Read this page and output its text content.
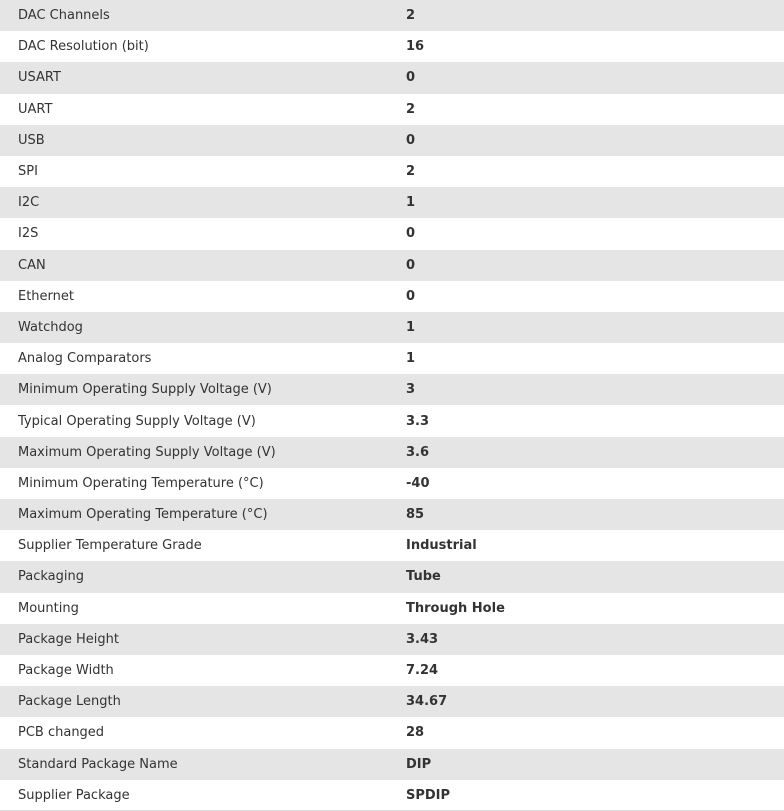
DAC Channels	2
DAC Resolution (bit)	16
USART	0
UART	2
USB	0
SPI	2
I2C	1
I2S	0
CAN	0
Ethernet	0
Watchdog	1
Analog Comparators	1
Minimum Operating Supply Voltage (V)	3
Typical Operating Supply Voltage (V)	3.3
Maximum Operating Supply Voltage (V)	3.6
Minimum Operating Temperature (°C)	-40
Maximum Operating Temperature (°C)	85
Supplier Temperature Grade	Industrial
Packaging	Tube
Mounting	Through Hole
Package Height	3.43
Package Width	7.24
Package Length	34.67
PCB changed	28
Standard Package Name	DIP
Supplier Package	SPDIP
